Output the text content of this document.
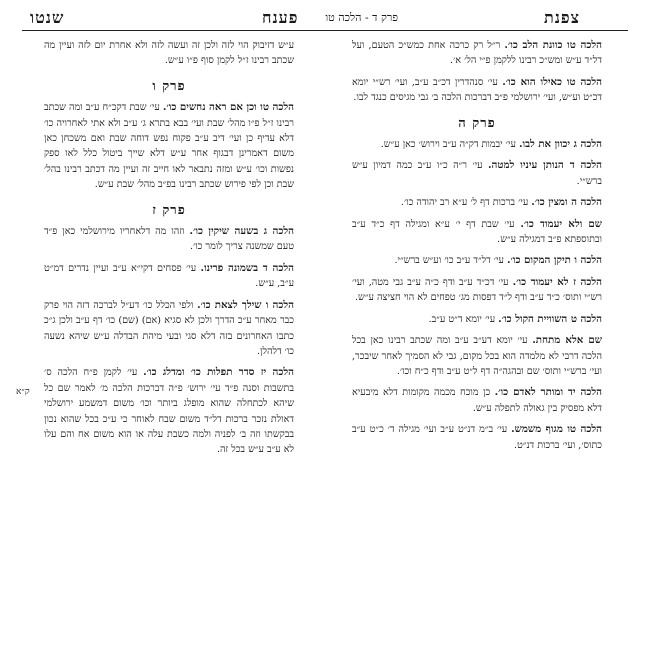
צפנת
פרק ד - הלכה טו
פענח
שנטו

הלכה טו כוונת הלב כו׳. ר״ל רק כרכה אחת כמש״כ הטעם, ועל דל״ד ע״ש ומש״כ רבינו ללקמן פ״י הל׳ א׳.

הלכה טו כאילו הוא כו׳. עי׳ סנהדרין דכ״ב ע״ב, ועי׳ רש״י יומא דכ״ט וע״ש, ועי׳ ירושלמי פ״ב דברכות הלכה ב׳ גבי מגיסים כנגד לבו.

פרק ה

הלכה ג יכוון את לבו. עי׳ יבמות דק״ה ע״ב וירוש׳ כאן ע״ש.

הלכה ד הנותן עיניו למטה. עי׳ ר״ה כ״ו ע״ב כמה דמיון ע״ש ברש״י.

הלכה ה ומצין כו׳. עי׳ ברכות דף ל׳ ע״א רב יהודה כו׳.

שם ולא יעמוד כו׳. עי׳ שבת דף י׳ ע״א ומגילה דף כ״ד ע״ב ובתוספתא פ״ב דמגילה ע״ש.

הלכה ו תיקן המקום כו׳. עי׳ דל״ד ע״ב כו׳ וע״ש ברש״י.

הלכה ז לא יעמוד כו׳. עי׳ דכ״ד ע״ב ודף כ״ה ע״ב גבי מטה, ועי׳ רש״י ותוס׳ כ״ד ע״ב ודף ל״ד דפסות מג׳ טפחים לא הוי חציצה ע״ש.

הלכה ט השוויית הקול כו׳. עי׳ יומא ד״ט ע״ב.

שם אלא מתחת. עי׳ יומא דע״ב ע״ב ומה שכתב רבינו כאן בכל הלכה דרבי לא מלמדה הוא בכל מקום, גבי לא הסמיך לאחר שיבכר, ועי׳ ברש״י ותוס׳ שם ובהגה״ה דף ל״ט ע״ב ודף כ״ח וכו׳.

הלכה יד ומותר לאדם כו׳. כן מוכח מכמה מקומות דלא מיבעיא דלא מפסיק בין גאולה לתפלה ע״ש.

הלכה טו מגוף משמש. עי׳ ב״מ דנ״ט ע״ב ועי׳ מגילה ד׳ כ״ט ע״ב כתוס׳, ועי׳ ברכות דנ״ט.

ע״ש דזיבוק הוי לזה ולכן זה ועשה לזה ולא אחרת יום לזה ועיין מה שכתב רבינו ז״ל לקמן סוף פ״ו ע״ש.

פרק ו

הלכה טו וכן אם ראה נחשים כו׳. עי׳ שבת דקכ״ח ע״ב ומה שכתב רבינו ז״ל פ״ו מהל׳ שבת ועי׳ בבא בתרא ג׳ ע״ב ולא אתי לאחרויה כו׳ דלא עדיף כן ועי׳ דיב ע״ב פקוח נפש דוחה שבת ואם משכחן כאן משום דאמרינן דבגוף אחר ע״ש דלא שייך ביטול כלל לאו ספק נפשות וכו׳ ע״ש ומזה נתבאר לאו חייב זה ועיין מה דכתב רבינו בהל׳ שבת וכן לפי פירוש שכתב רבינו בפ״ב מהל׳ שבת ע״ש.

פרק ז

הלכה ג בשעה שיקין כו׳. וזהו מה דלאחריו מירושלמי כאן פ״ד טעם שמשנה צריך לומר כו׳.

הלכה ד בשמונה פרינו. עי׳ פסחים דקי״א ע״ב ועיין נדרים דמ״ט ע״ב, ע״ש.

הלכה ו שילך לצאת כו׳. ולפי הכלל כו׳ דע״ל לברכה דזה הוי פרק כבר מאחר ע״כ הדרך ולכן לא סגיא (אם) (שם) כו׳ דף ע״ב ולכן ג״כ כתבו האחרונים בזה דלא סגי ובעי מיהת הבדלה ע״ש שיהא נשעה כו׳ דלהלן.

הלכה יז סדר תפלות כו׳ ומדלג כו׳. עי׳ לקמן פ״ח הלכה ס׳ בתשבות וסנה פ״ד עי׳ ירוש׳ פ״ה דברכות הלכה מ׳ לאמר שם כל שיהא לכתחלה שהוא מופלג ביותר וכו׳ משום דמשמע ירושלמי דאולת נזכר ברכות דל״ד משום שבח לאוחר כי ע״כ בכל שהוא נכון בבקשתו וזה ב׳ לפניה ולמה כשבת עלה או הוא משום אח והם עלו לא ע״ב ע״ש בכל זה.

ק״א
